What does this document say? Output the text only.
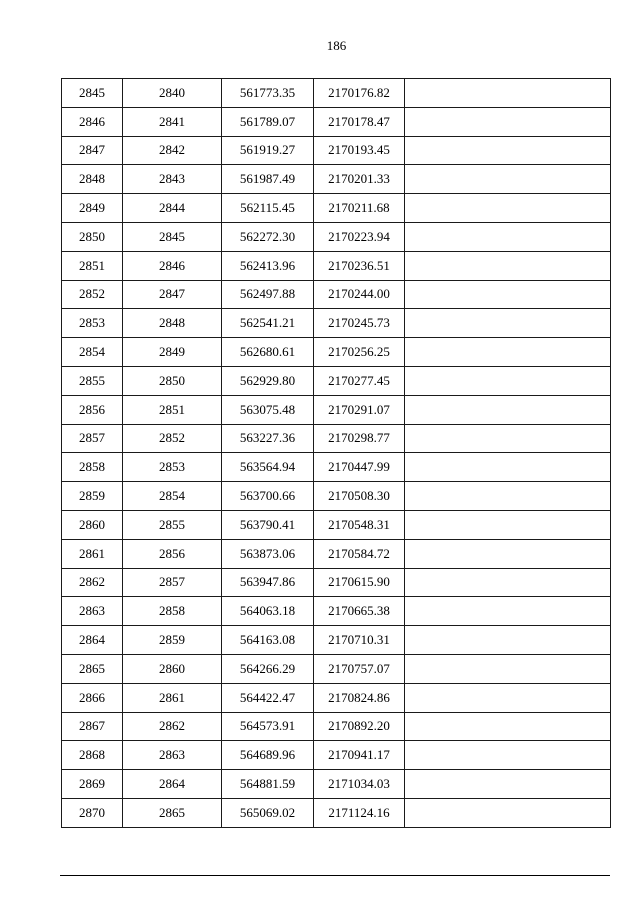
186
2845	2840	561773.35	2170176.82	
2846	2841	561789.07	2170178.47	
2847	2842	561919.27	2170193.45	
2848	2843	561987.49	2170201.33	
2849	2844	562115.45	2170211.68	
2850	2845	562272.30	2170223.94	
2851	2846	562413.96	2170236.51	
2852	2847	562497.88	2170244.00	
2853	2848	562541.21	2170245.73	
2854	2849	562680.61	2170256.25	
2855	2850	562929.80	2170277.45	
2856	2851	563075.48	2170291.07	
2857	2852	563227.36	2170298.77	
2858	2853	563564.94	2170447.99	
2859	2854	563700.66	2170508.30	
2860	2855	563790.41	2170548.31	
2861	2856	563873.06	2170584.72	
2862	2857	563947.86	2170615.90	
2863	2858	564063.18	2170665.38	
2864	2859	564163.08	2170710.31	
2865	2860	564266.29	2170757.07	
2866	2861	564422.47	2170824.86	
2867	2862	564573.91	2170892.20	
2868	2863	564689.96	2170941.17	
2869	2864	564881.59	2171034.03	
2870	2865	565069.02	2171124.16	
